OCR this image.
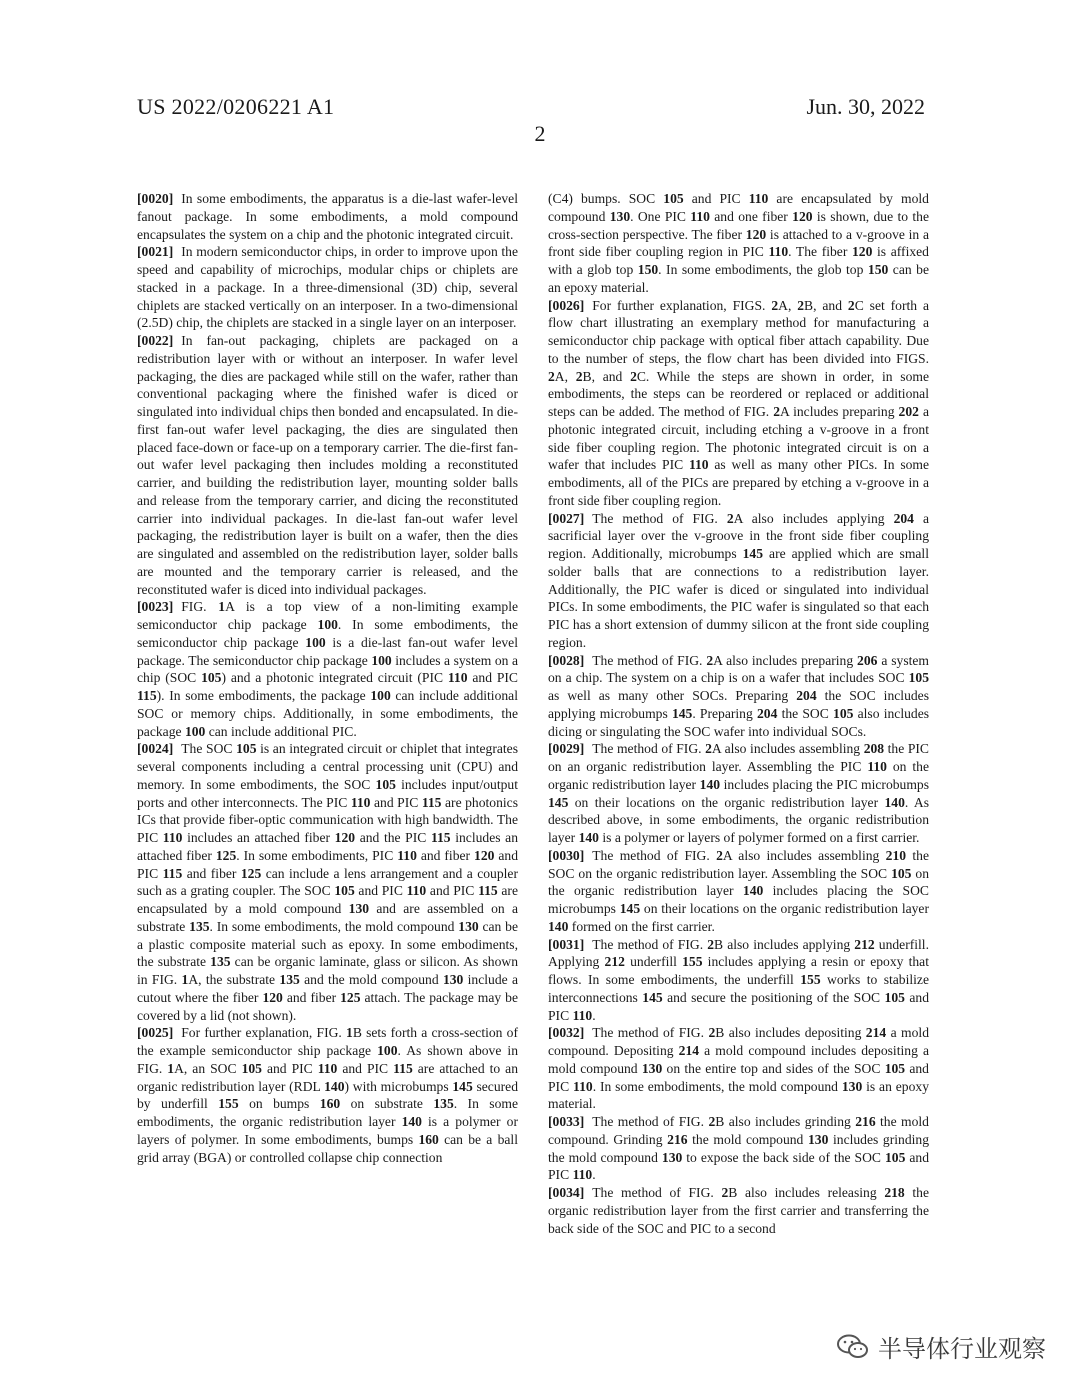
US 2022/0206221 A1	Jun. 30, 2022
2

[0020] In some embodiments, the apparatus is a die-last wafer-level fanout package. In some embodiments, a mold compound encapsulates the system on a chip and the photonic integrated circuit.

[0021] In modern semiconductor chips, in order to improve upon the speed and capability of microchips, modular chips or chiplets are stacked in a package. In a three-dimensional (3D) chip, several chiplets are stacked vertically on an interposer. In a two-dimensional (2.5D) chip, the chiplets are stacked in a single layer on an interposer.

[0022] In fan-out packaging, chiplets are packaged on a redistribution layer with or without an interposer. In wafer level packaging, the dies are packaged while still on the wafer, rather than conventional packaging where the finished wafer is diced or singulated into individual chips then bonded and encapsulated. In die-first fan-out wafer level packaging, the dies are singulated then placed face-down or face-up on a temporary carrier. The die-first fan-out wafer level packaging then includes molding a reconstituted carrier, and building the redistribution layer, mounting solder balls and release from the temporary carrier, and dicing the reconstituted carrier into individual packages. In die-last fan-out wafer level packaging, the redistribution layer is built on a wafer, then the dies are singulated and assembled on the redistribution layer, solder balls are mounted and the temporary carrier is released, and the reconstituted wafer is diced into individual packages.

[0023] FIG. 1A is a top view of a non-limiting example semiconductor chip package 100. In some embodiments, the semiconductor chip package 100 is a die-last fan-out wafer level package. The semiconductor chip package 100 includes a system on a chip (SOC 105) and a photonic integrated circuit (PIC 110 and PIC 115). In some embodiments, the package 100 can include additional SOC or memory chips. Additionally, in some embodiments, the package 100 can include additional PIC.

[0024] The SOC 105 is an integrated circuit or chiplet that integrates several components including a central processing unit (CPU) and memory. In some embodiments, the SOC 105 includes input/output ports and other interconnects. The PIC 110 and PIC 115 are photonics ICs that provide fiber-optic communication with high bandwidth. The PIC 110 includes an attached fiber 120 and the PIC 115 includes an attached fiber 125. In some embodiments, PIC 110 and fiber 120 and PIC 115 and fiber 125 can include a lens arrangement and a coupler such as a grating coupler. The SOC 105 and PIC 110 and PIC 115 are encapsulated by a mold compound 130 and are assembled on a substrate 135. In some embodiments, the mold compound 130 can be a plastic composite material such as epoxy. In some embodiments, the substrate 135 can be organic laminate, glass or silicon. As shown in FIG. 1A, the substrate 135 and the mold compound 130 include a cutout where the fiber 120 and fiber 125 attach. The package may be covered by a lid (not shown).

[0025] For further explanation, FIG. 1B sets forth a cross-section of the example semiconductor ship package 100. As shown above in FIG. 1A, an SOC 105 and PIC 110 and PIC 115 are attached to an organic redistribution layer (RDL 140) with microbumps 145 secured by underfill 155 on bumps 160 on substrate 135. In some embodiments, the organic redistribution layer 140 is a polymer or layers of polymer. In some embodiments, bumps 160 can be a ball grid array (BGA) or controlled collapse chip connection

(C4) bumps. SOC 105 and PIC 110 are encapsulated by mold compound 130. One PIC 110 and one fiber 120 is shown, due to the cross-section perspective. The fiber 120 is attached to a v-groove in a front side fiber coupling region in PIC 110. The fiber 120 is affixed with a glob top 150. In some embodiments, the glob top 150 can be an epoxy material.

[0026] For further explanation, FIGS. 2A, 2B, and 2C set forth a flow chart illustrating an exemplary method for manufacturing a semiconductor chip package with optical fiber attach capability. Due to the number of steps, the flow chart has been divided into FIGS. 2A, 2B, and 2C. While the steps are shown in order, in some embodiments, the steps can be reordered or replaced or additional steps can be added. The method of FIG. 2A includes preparing 202 a photonic integrated circuit, including etching a v-groove in a front side fiber coupling region. The photonic integrated circuit is on a wafer that includes PIC 110 as well as many other PICs. In some embodiments, all of the PICs are prepared by etching a v-groove in a front side fiber coupling region.

[0027] The method of FIG. 2A also includes applying 204 a sacrificial layer over the v-groove in the front side fiber coupling region. Additionally, microbumps 145 are applied which are small solder balls that are connections to a redistribution layer. Additionally, the PIC wafer is diced or singulated into individual PICs. In some embodiments, the PIC wafer is singulated so that each PIC has a short extension of dummy silicon at the front side coupling region.

[0028] The method of FIG. 2A also includes preparing 206 a system on a chip. The system on a chip is on a wafer that includes SOC 105 as well as many other SOCs. Preparing 204 the SOC includes applying microbumps 145. Preparing 204 the SOC 105 also includes dicing or singulating the SOC wafer into individual SOCs.

[0029] The method of FIG. 2A also includes assembling 208 the PIC on an organic redistribution layer. Assembling the PIC 110 on the organic redistribution layer 140 includes placing the PIC microbumps 145 on their locations on the organic redistribution layer 140. As described above, in some embodiments, the organic redistribution layer 140 is a polymer or layers of polymer formed on a first carrier.

[0030] The method of FIG. 2A also includes assembling 210 the SOC on the organic redistribution layer. Assembling the SOC 105 on the organic redistribution layer 140 includes placing the SOC microbumps 145 on their locations on the organic redistribution layer 140 formed on the first carrier.

[0031] The method of FIG. 2B also includes applying 212 underfill. Applying 212 underfill 155 includes applying a resin or epoxy that flows. In some embodiments, the underfill 155 works to stabilize interconnections 145 and secure the positioning of the SOC 105 and PIC 110.

[0032] The method of FIG. 2B also includes depositing 214 a mold compound. Depositing 214 a mold compound includes depositing a mold compound 130 on the entire top and sides of the SOC 105 and PIC 110. In some embodiments, the mold compound 130 is an epoxy material.

[0033] The method of FIG. 2B also includes grinding 216 the mold compound. Grinding 216 the mold compound 130 includes grinding the mold compound 130 to expose the back side of the SOC 105 and PIC 110.

[0034] The method of FIG. 2B also includes releasing 218 the organic redistribution layer from the first carrier and transferring the back side of the SOC and PIC to a second

半导体行业观察
